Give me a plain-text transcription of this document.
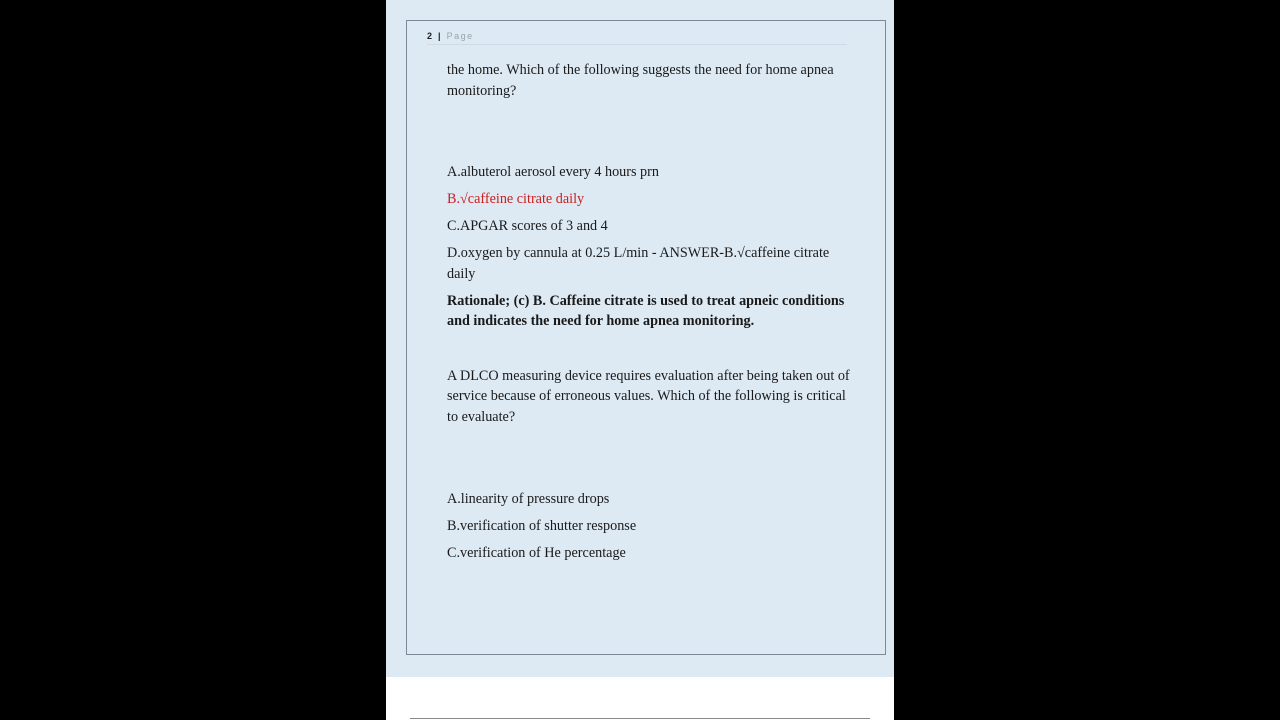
2 | Page

the home. Which of the following suggests the need for home apnea monitoring?

A.albuterol aerosol every 4 hours prn

B.√caffeine citrate daily

C.APGAR scores of 3 and 4

D.oxygen by cannula at 0.25 L/min - ANSWER-B.√caffeine citrate daily

Rationale; (c) B. Caffeine citrate is used to treat apneic conditions and indicates the need for home apnea monitoring.

A DLCO measuring device requires evaluation after being taken out of service because of erroneous values. Which of the following is critical to evaluate?

A.linearity of pressure drops

B.verification of shutter response

C.verification of He percentage
